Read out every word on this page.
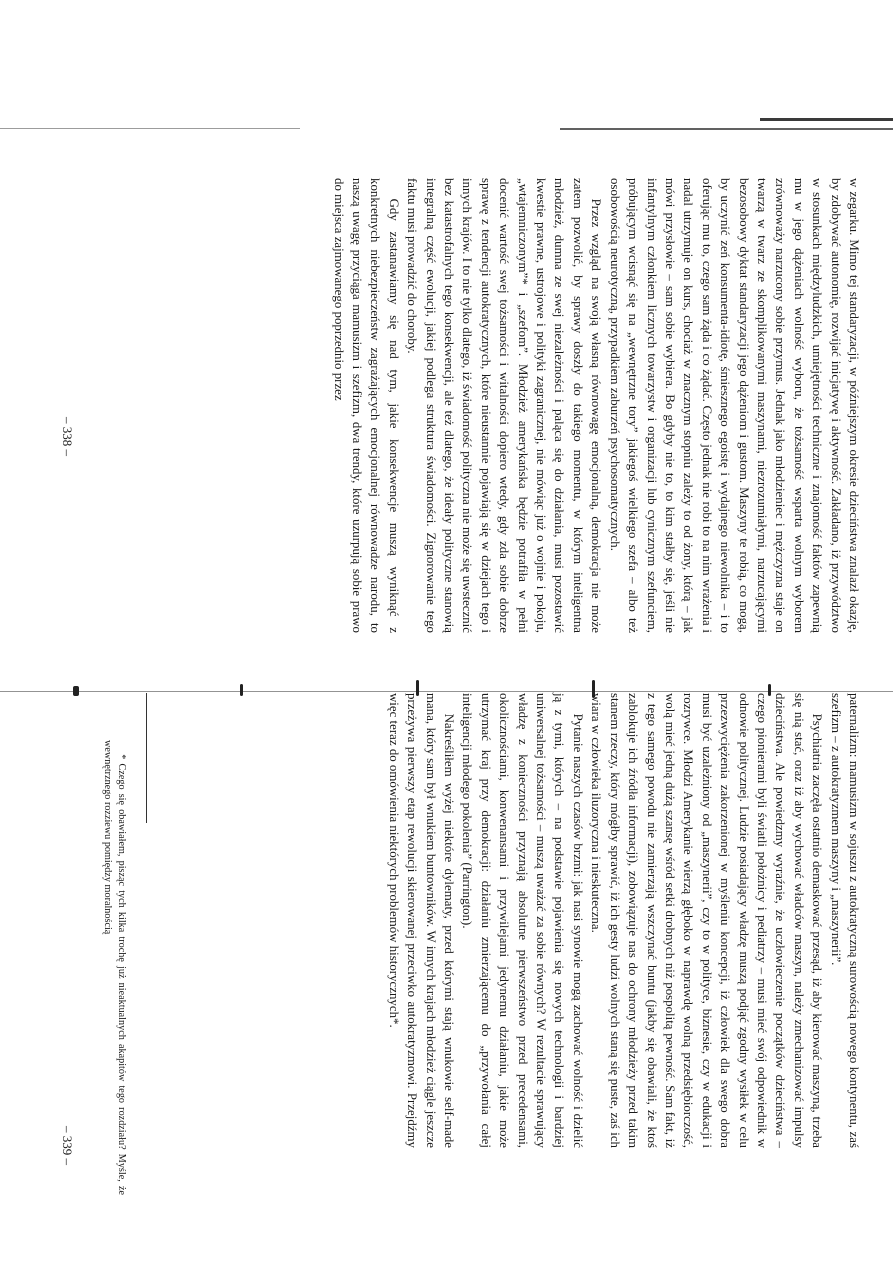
w zegarku. Mimo tej standaryzacji, w późniejszym okresie dzieciństwa znalazł okazję, by zdobywać autonomię, rozwijać inicjatywę i aktywność. Zakładano, iż przywództwo w stosunkach międzyludzkich, umiejętności techniczne i znajomość faktów zapewnią mu w jego dążeniach wolność wyboru, że tożsamość wsparta wolnym wyborem zrównoważy narzucony sobie przymus. Jednak jako młodzieniec i mężczyzna staje on twarzą w twarz ze skomplikowanymi maszynami, niezrozumiałymi, narzucającymi bezosobowy dyktat standaryzacji jego dążeniom i gustom. Maszyny te robią, co mogą, by uczynić zeń konsumenta-idiotę, śmiesznego egoistę i wydajnego niewolnika – i to oferując mu to, czego sam żąda i co żądać. Często jednak nie robi to na nim wrażenia i nadal utrzymuje on kurs, chociaż w znacznym stopniu zależy to od żony, którą – jak mówi przysłowie – sam sobie wybiera. Bo gdyby nie to, to kim stałby się, jeśli nie infantylnym członkiem licznych towarzystw i organizacji lub cynicznym szefunciem, próbującym wcisnąć się na „wewnętrzne tory” jakiegoś wielkiego szefa – albo też osobowością neurotyczną, przypadkiem zaburzeń psychosomatycznych.

Przez wzgląd na swoją własną równowagę emocjonalną, demokracja nie może zatem pozwolić, by sprawy doszły do takiego momentu, w którym inteligentna młodzież, dumna ze swej niezależności i paląca się do działania, musi pozostawić kwestie prawne, ustrojowe i polityki zagranicznej, nie mówiąc już o wojnie i pokoju, „wtajemniczonym”* i „szefom”. Młodzież amerykańska będzie potrafiła w pełni docenić wartość swej tożsamości i witalności dopiero wtedy, gdy zda sobie dobrze sprawę z tendencji autokratycznych, które nieustannie pojawiają się w dziejach tego i innych krajów. I to nie tylko dlatego, iż świadomość polityczna nie może się uwstecznić bez katastrofalnych tego konsekwencji, ale też dlatego, że ideały polityczne stanowią integralną część ewolucji, jakiej podlega struktura świadomości. Zignorowanie tego faktu musi prowadzić do choroby.

Gdy zastanawiamy się nad tym, jakie konsekwencje muszą wyniknąć z konkretnych niebezpieczeństw zagrażających emocjonalnej równowadze narodu, to naszą uwagę przyciąga mamusizm i szefizm, dwa trendy, które uzurpują sobie prawo do miejsca zajmowanego poprzednio przez

– 338 –

paternalizm: mamusizm w sojuszu z autokratyczną surowością nowego kontynentu, zaś szefizm – z autokratyzmem maszyny i „maszynerii”.

Psychiatria zaczęła ostatnio demaskować przesąd, iż aby kierować maszyną, trzeba się nią stać, oraz iż aby wychować władców maszyn, należy zmechanizować impulsy dzieciństwa. Ale powiedzmy wyraźnie, że uczłowieczenie początków dzieciństwa – czego pionierami byli światli położnicy i pediatrzy – musi mieć swój odpowiednik w odnowie politycznej. Ludzie posiadający władzę muszą podjąć zgodny wysiłek w celu przezwyciężenia zakorzenionej w myśleniu koncepcji, iż człowiek dla swego dobra musi być uzależniony od „maszynerii”, czy to w polityce, biznesie, czy w edukacji i rozrywce. Młodzi Amerykanie wierzą głęboko w naprawdę wolną przedsiębiorczość, wolą mieć jedną dużą szansę wśród setki drobnych niż pospolitą pewność. Sam fakt, iż z tego samego powodu nie zamierzają wszczynać buntu (jakby się obawiali, że ktoś zablokuje ich źródła informacji), zobowiązuje nas do ochrony młodzieży przed takim stanem rzeczy, który mógłby sprawić, iż ich gesty ludzi wolnych staną się puste, zaś ich wiara w człowieka iluzoryczna i nieskuteczna.

Pytanie naszych czasów brzmi: jak nasi synowie mogą zachować wolność i dzielić ją z tymi, których – na podstawie pojawienia się nowych technologii i bardziej uniwersalnej tożsamości – muszą uważać za sobie równych? W rezultacie sprawujący władzę z konieczności przyznają absolutne pierwszeństwo przed precedensami, okolicznościami, konwenansami i przywilejami jedynemu działaniu, jakie może utrzymać kraj przy demokracji: działaniu zmierzającemu do „przywołania całej inteligencji młodego pokolenia” (Parrington).

Nakreśliłem wyżej niektóre dylematy, przed którymi stają wnukowie self-made mana, który sam był wnukiem buntowników. W innych krajach młodzież ciągle jeszcze przeżywa pierwszy etap rewolucji skierowanej przeciwko autokratyzmowi. Przejdźmy więc teraz do omówienia niektórych problemów historycznych*.

* Czego się obawiałem, pisząc tych kilka trochę już nieaktualnych akapitów tego rozdziału? Myśle, że wewnętrznego rozziewu pomiędzy moralnością

– 339 –
